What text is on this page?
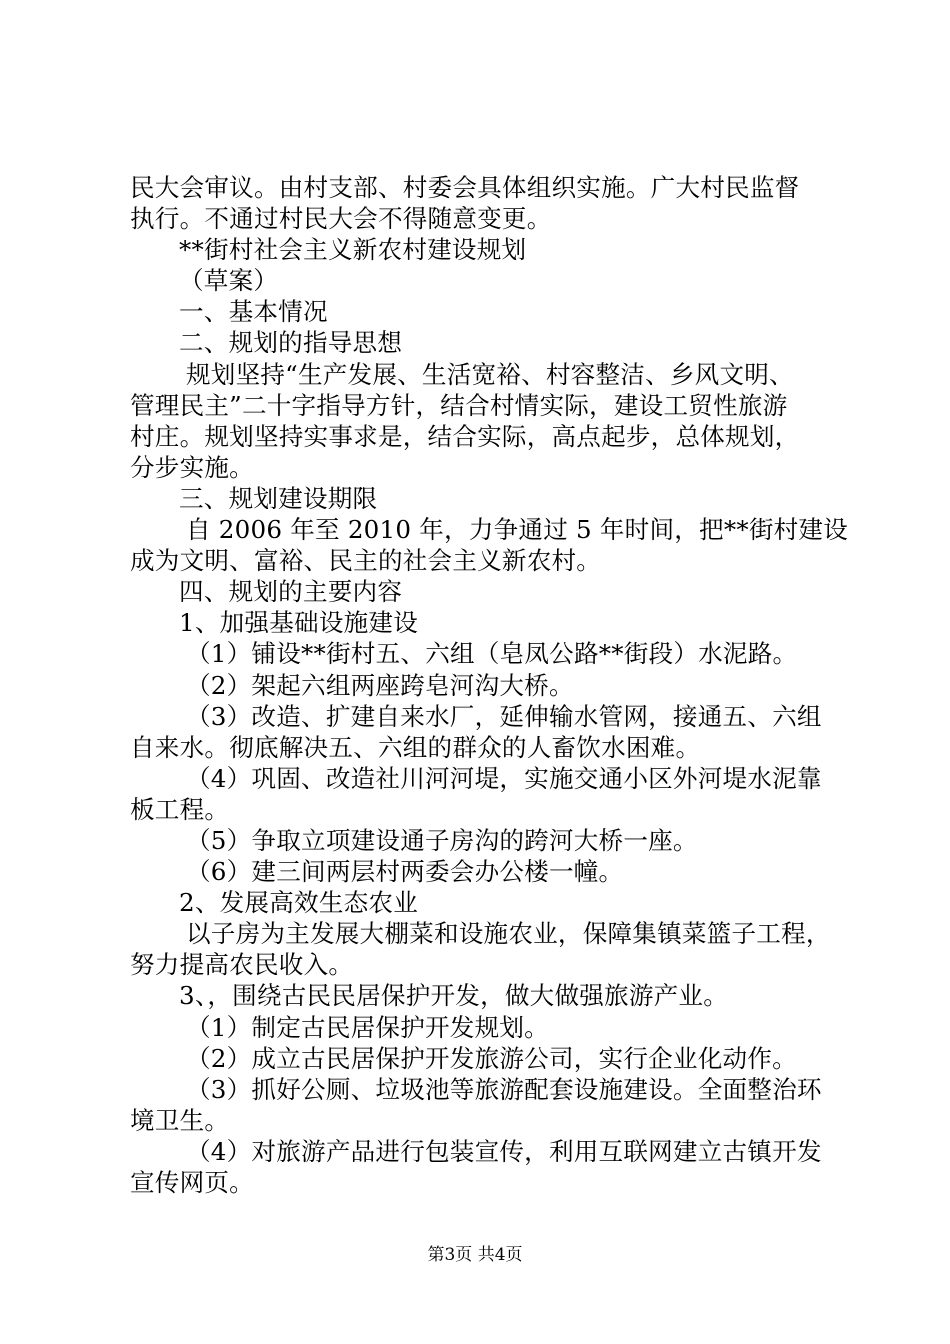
民大会审议。由村支部、村委会具体组织实施。广大村民监督
执行。不通过村民大会不得随意变更。
**街村社会主义新农村建设规划
（草案）
一、基本情况
二、规划的指导思想
规划坚持“生产发展、生活宽裕、村容整洁、乡风文明、
管理民主”二十字指导方针，结合村情实际，建设工贸性旅游
村庄。规划坚持实事求是，结合实际，高点起步，总体规划，
分步实施。
三、规划建设期限
自 2006 年至 2010 年，力争通过 5 年时间，把**街村建设
成为文明、富裕、民主的社会主义新农村。
四、规划的主要内容
1、加强基础设施建设
（1）铺设**街村五、六组（皂凤公路**街段）水泥路。
（2）架起六组两座跨皂河沟大桥。
（3）改造、扩建自来水厂，延伸输水管网，接通五、六组
自来水。彻底解决五、六组的群众的人畜饮水困难。
（4）巩固、改造社川河河堤，实施交通小区外河堤水泥靠
板工程。
（5）争取立项建设通子房沟的跨河大桥一座。
（6）建三间两层村两委会办公楼一幢。
2、发展高效生态农业
以子房为主发展大棚菜和设施农业，保障集镇菜篮子工程，
努力提高农民收入。
3、，围绕古民民居保护开发，做大做强旅游产业。
（1）制定古民居保护开发规划。
（2）成立古民居保护开发旅游公司，实行企业化动作。
（3）抓好公厕、垃圾池等旅游配套设施建设。全面整治环
境卫生。
（4）对旅游产品进行包装宣传，利用互联网建立古镇开发
宣传网页。
第3页 共4页
